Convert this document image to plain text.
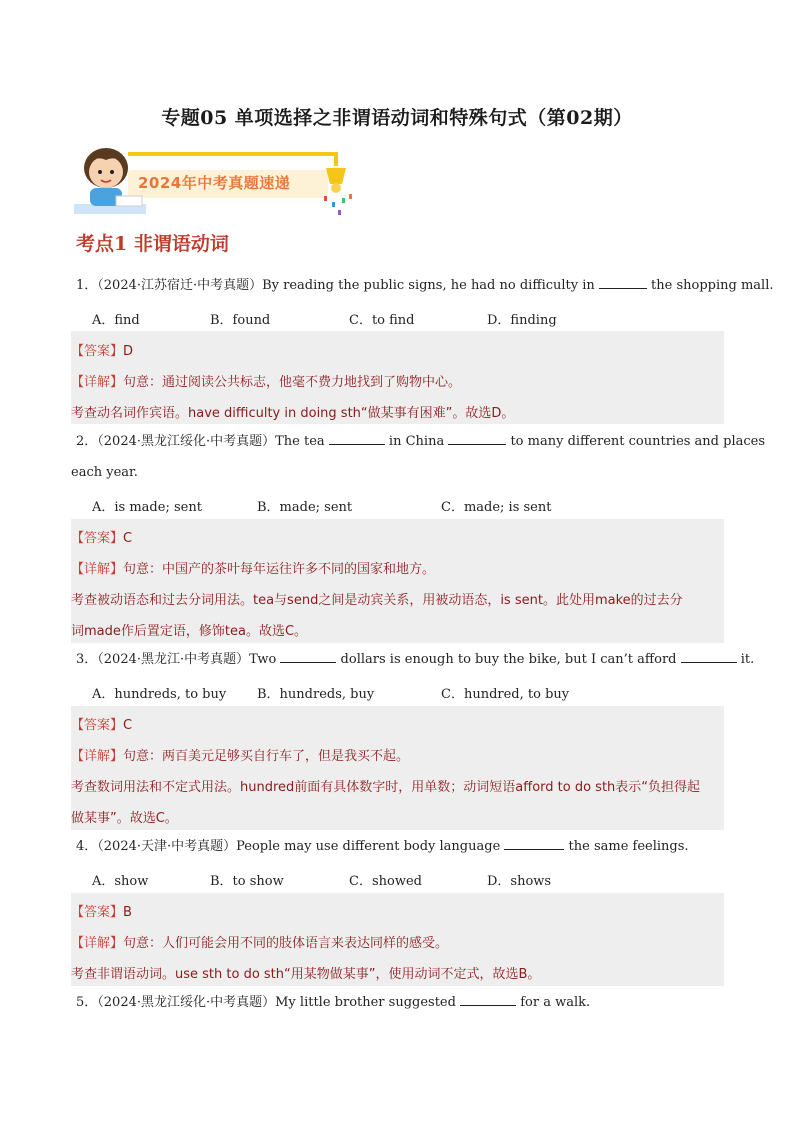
专题05 单项选择之非谓语动词和特殊句式（第02期）
2024年中考真题速递
考点1 非谓语动词
1．（2024·江苏宿迁·中考真题）By reading the public signs, he had no difficulty in	the shopping mall.
A．find	B．found	C．to find	D．finding
【答案】D
【详解】句意：通过阅读公共标志，他毫不费力地找到了购物中心。
考查动名词作宾语。have difficulty in doing sth“做某事有困难”。故选D。
2．（2024·黑龙江绥化·中考真题）The tea	in China	to many different countries and places
each year.
A．is made; sent	B．made; sent	C．made; is sent
【答案】C
【详解】句意：中国产的茶叶每年运往许多不同的国家和地方。
考查被动语态和过去分词用法。tea与send之间是动宾关系，用被动语态，is sent。此处用make的过去分
词made作后置定语，修饰tea。故选C。
3．（2024·黑龙江·中考真题）Two	dollars is enough to buy the bike, but I can’t afford	it.
A．hundreds, to buy B．hundreds, buy	C．hundred, to buy
【答案】C
【详解】句意：两百美元足够买自行车了，但是我买不起。
考查数词用法和不定式用法。hundred前面有具体数字时，用单数；动词短语afford to do sth表示“负担得起
做某事”。故选C。
4．（2024·天津·中考真题）People may use different body language	the same feelings.
A．show	B．to show	C．showed	D．shows
【答案】B
【详解】句意：人们可能会用不同的肢体语言来表达同样的感受。
考查非谓语动词。use sth to do sth“用某物做某事”，使用动词不定式，故选B。
5．（2024·黑龙江绥化·中考真题）My little brother suggested	for a walk.
